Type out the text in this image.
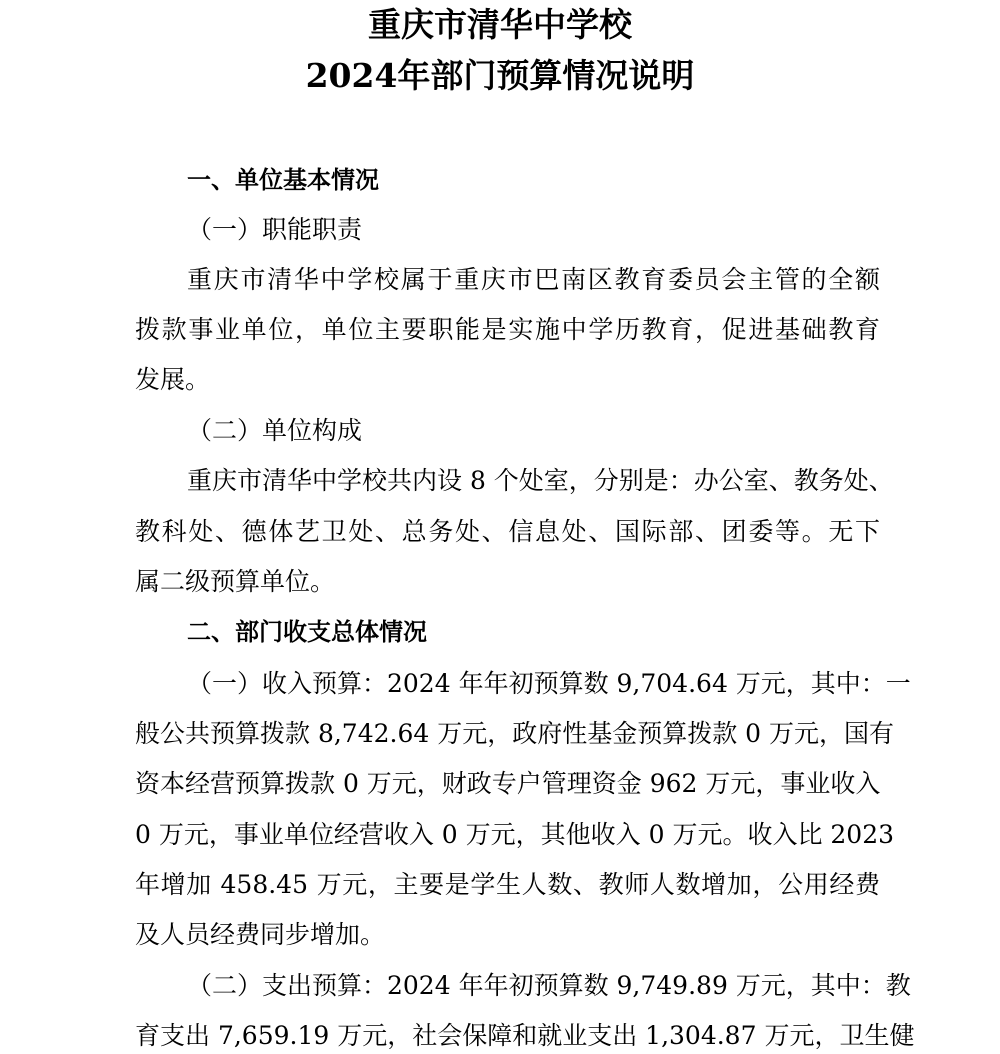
重庆市清华中学校
2024年部门预算情况说明
一、单位基本情况
（一）职能职责
重庆市清华中学校属于重庆市巴南区教育委员会主管的全额
拨款事业单位，单位主要职能是实施中学历教育，促进基础教育
发展。
（二）单位构成
重庆市清华中学校共内设 8 个处室，分别是：办公室、教务处、
教科处、德体艺卫处、总务处、信息处、国际部、团委等。无下
属二级预算单位。
二、部门收支总体情况
（一）收入预算：2024 年年初预算数 9,704.64 万元，其中：一
般公共预算拨款 8,742.64 万元，政府性基金预算拨款 0 万元，国有
资本经营预算拨款 0 万元，财政专户管理资金 962 万元，事业收入
0 万元，事业单位经营收入 0 万元，其他收入 0 万元。收入比 2023
年增加 458.45 万元，主要是学生人数、教师人数增加，公用经费
及人员经费同步增加。
（二）支出预算：2024 年年初预算数 9,749.89 万元，其中：教
育支出 7,659.19 万元，社会保障和就业支出 1,304.87 万元，卫生健
